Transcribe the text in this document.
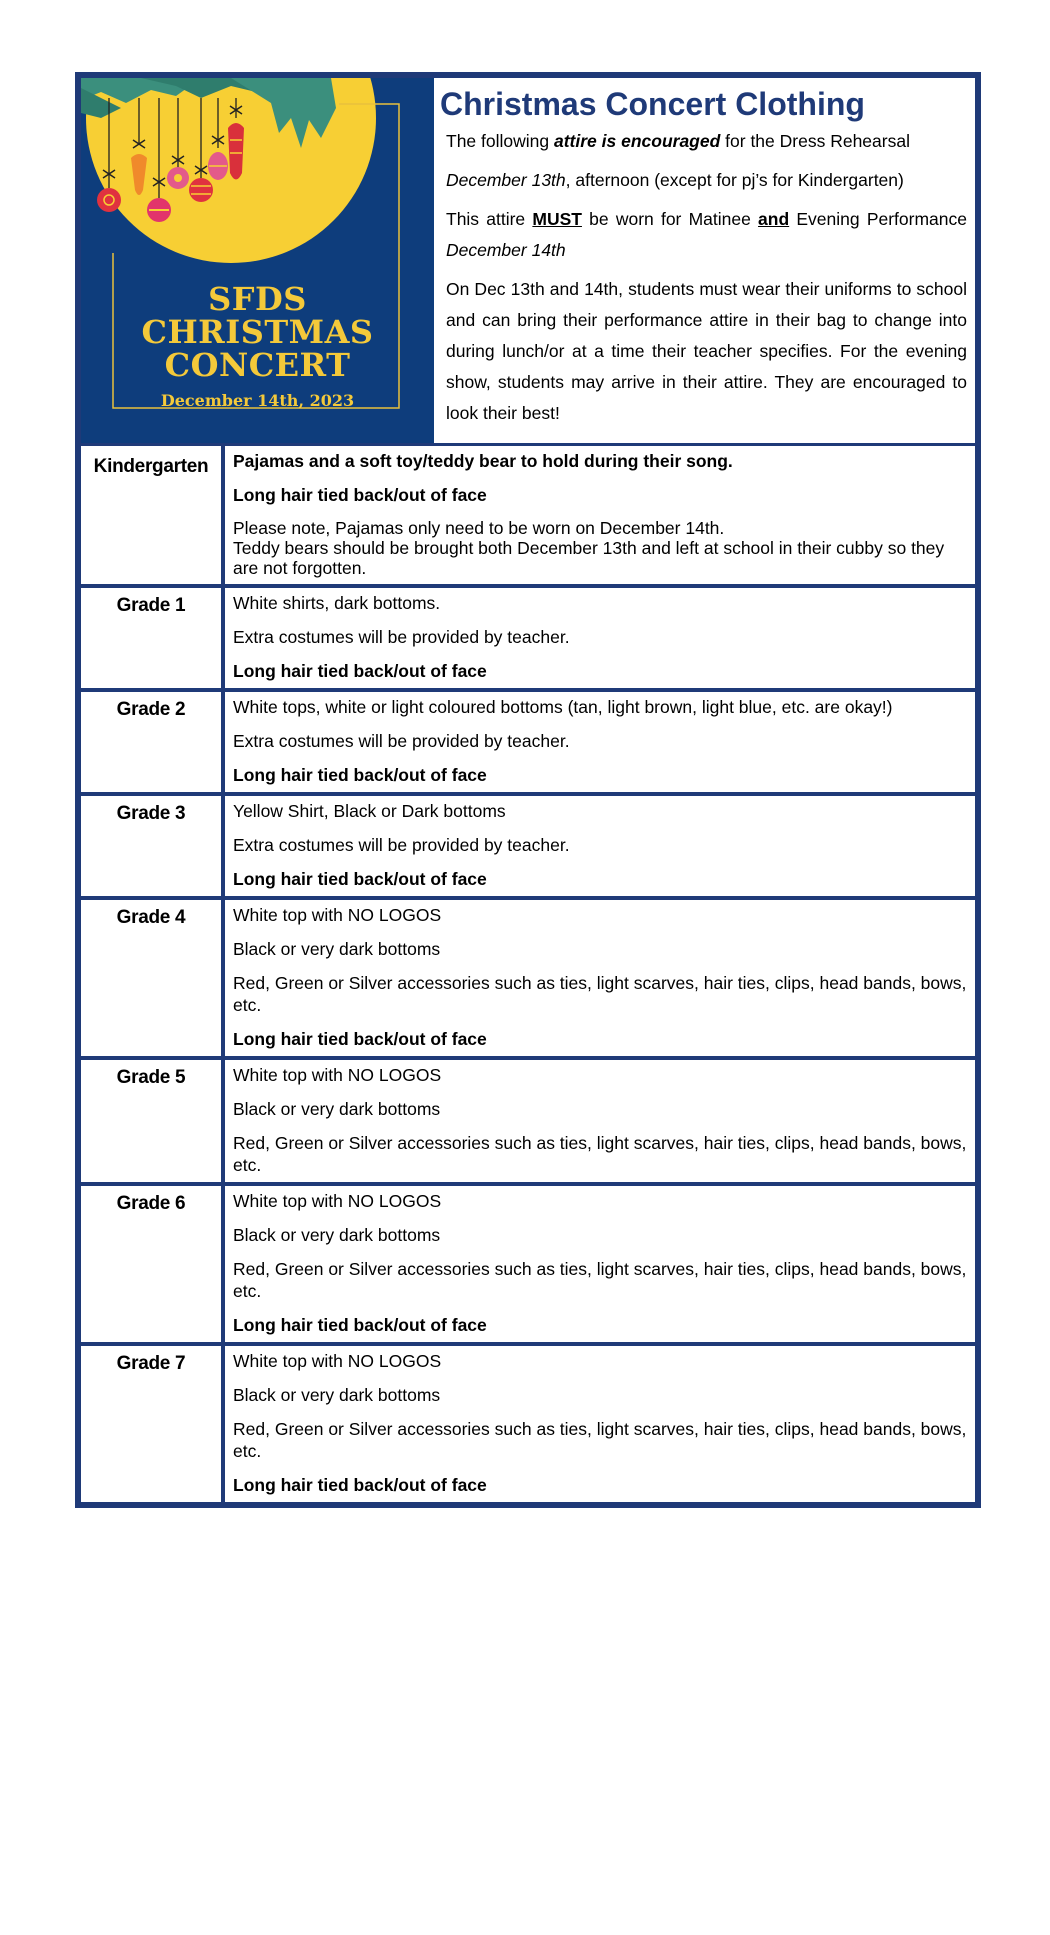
SFDS
CHRISTMAS
CONCERT
December 14th, 2023
Christmas Concert Clothing

The following attire is encouraged for the Dress Rehearsal

December 13th, afternoon (except for pj’s for Kindergarten)

This attire MUST be worn for Matinee and Evening Performance December 14th

On Dec 13th and 14th, students must wear their uniforms to school and can bring their performance attire in their bag to change into during lunch/or at a time their teacher specifies. For the evening show, students may arrive in their attire. They are encouraged to look their best!

Kindergarten	Pajamas and a soft toy/teddy bear to hold during their song.
Long hair tied back/out of face
Please note, Pajamas only need to be worn on December 14th.
Teddy bears should be brought both December 13th and left at school in their cubby so they are not forgotten.

Grade 1	White shirts, dark bottoms.
Extra costumes will be provided by teacher.
Long hair tied back/out of face

Grade 2	White tops, white or light coloured bottoms (tan, light brown, light blue, etc. are okay!)
Extra costumes will be provided by teacher.
Long hair tied back/out of face

Grade 3	Yellow Shirt, Black or Dark bottoms
Extra costumes will be provided by teacher.
Long hair tied back/out of face

Grade 4	White top with NO LOGOS
Black or very dark bottoms
Red, Green or Silver accessories such as ties, light scarves, hair ties, clips, head bands, bows, etc.
Long hair tied back/out of face

Grade 5	White top with NO LOGOS
Black or very dark bottoms
Red, Green or Silver accessories such as ties, light scarves, hair ties, clips, head bands, bows, etc.

Grade 6	White top with NO LOGOS
Black or very dark bottoms
Red, Green or Silver accessories such as ties, light scarves, hair ties, clips, head bands, bows, etc.
Long hair tied back/out of face

Grade 7	White top with NO LOGOS
Black or very dark bottoms
Red, Green or Silver accessories such as ties, light scarves, hair ties, clips, head bands, bows, etc.
Long hair tied back/out of face
